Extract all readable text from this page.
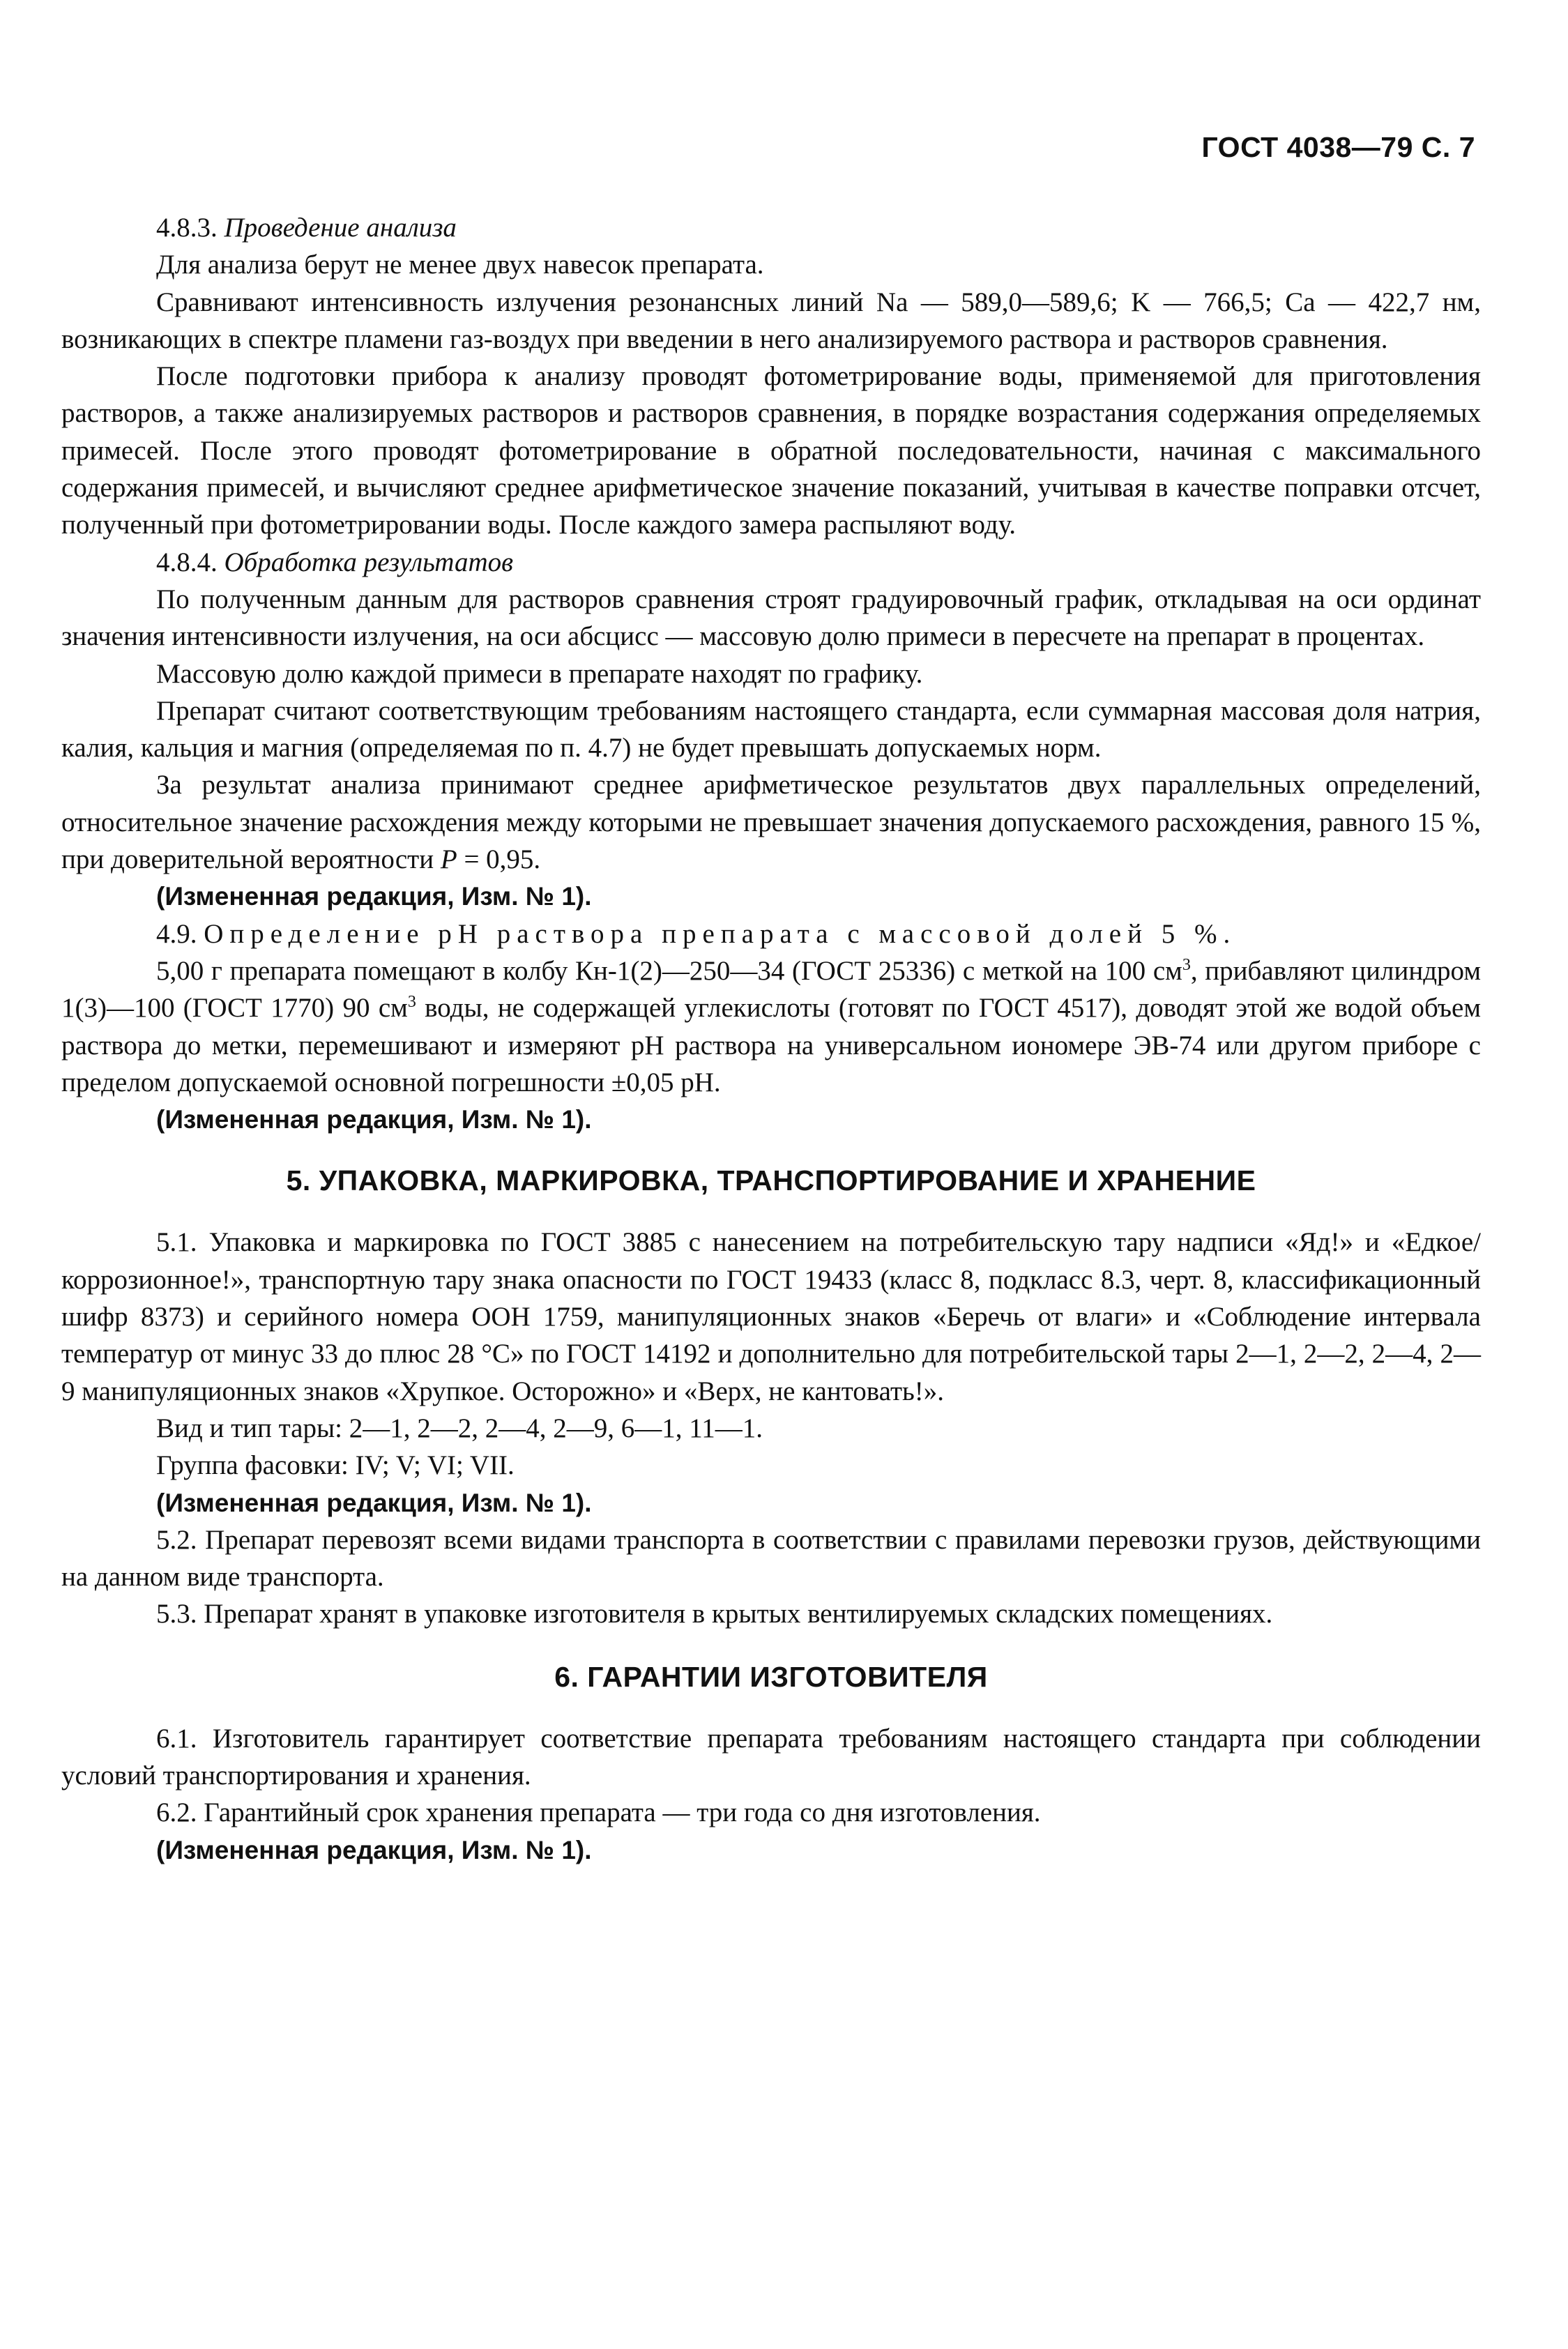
ГОСТ 4038—79 С. 7

4.8.3. Проведение анализа

Для анализа берут не менее двух навесок препарата.

Сравнивают интенсивность излучения резонансных линий Na — 589,0—589,6; K — 766,5; Ca — 422,7 нм, возникающих в спектре пламени газ-воздух при введении в него анализируемого раствора и растворов сравнения.

После подготовки прибора к анализу проводят фотометрирование воды, применяемой для приготовления растворов, а также анализируемых растворов и растворов сравнения, в порядке возрастания содержания определяемых примесей. После этого проводят фотометрирование в обратной последовательности, начиная с максимального содержания примесей, и вычисляют среднее арифметическое значение показаний, учитывая в качестве поправки отсчет, полученный при фотометрировании воды. После каждого замера распыляют воду.

4.8.4. Обработка результатов

По полученным данным для растворов сравнения строят градуировочный график, откладывая на оси ординат значения интенсивности излучения, на оси абсцисс — массовую долю примеси в пересчете на препарат в процентах.

Массовую долю каждой примеси в препарате находят по графику.

Препарат считают соответствующим требованиям настоящего стандарта, если суммарная массовая доля натрия, калия, кальция и магния (определяемая по п. 4.7) не будет превышать допускаемых норм.

За результат анализа принимают среднее арифметическое результатов двух параллельных определений, относительное значение расхождения между которыми не превышает значения допускаемого расхождения, равного 15 %, при доверительной вероятности P = 0,95.

(Измененная редакция, Изм. № 1).

4.9. Определение pH раствора препарата с массовой долей 5 %.

5,00 г препарата помещают в колбу Кн-1(2)—250—34 (ГОСТ 25336) с меткой на 100 $см^3$, прибавляют цилиндром 1(3)—100 (ГОСТ 1770) 90 $см^3$ воды, не содержащей углекислоты (готовят по ГОСТ 4517), доводят этой же водой объем раствора до метки, перемешивают и измеряют pH раствора на универсальном иономере ЭВ-74 или другом приборе с пределом допускаемой основной погрешности ±0,05 pH.

(Измененная редакция, Изм. № 1).

5. УПАКОВКА, МАРКИРОВКА, ТРАНСПОРТИРОВАНИЕ И ХРАНЕНИЕ

5.1. Упаковка и маркировка по ГОСТ 3885 с нанесением на потребительскую тару надписи «Яд!» и «Едкое/коррозионное!», транспортную тару знака опасности по ГОСТ 19433 (класс 8, подкласс 8.3, черт. 8, классификационный шифр 8373) и серийного номера ООН 1759, манипуляционных знаков «Беречь от влаги» и «Соблюдение интервала температур от минус 33 до плюс 28 °С» по ГОСТ 14192 и дополнительно для потребительской тары 2—1, 2—2, 2—4, 2—9 манипуляционных знаков «Хрупкое. Осторожно» и «Верх, не кантовать!».

Вид и тип тары: 2—1, 2—2, 2—4, 2—9, 6—1, 11—1.

Группа фасовки: IV; V; VI; VII.

(Измененная редакция, Изм. № 1).

5.2. Препарат перевозят всеми видами транспорта в соответствии с правилами перевозки грузов, действующими на данном виде транспорта.

5.3. Препарат хранят в упаковке изготовителя в крытых вентилируемых складских помещениях.

6. ГАРАНТИИ ИЗГОТОВИТЕЛЯ

6.1. Изготовитель гарантирует соответствие препарата требованиям настоящего стандарта при соблюдении условий транспортирования и хранения.

6.2. Гарантийный срок хранения препарата — три года со дня изготовления.

(Измененная редакция, Изм. № 1).
